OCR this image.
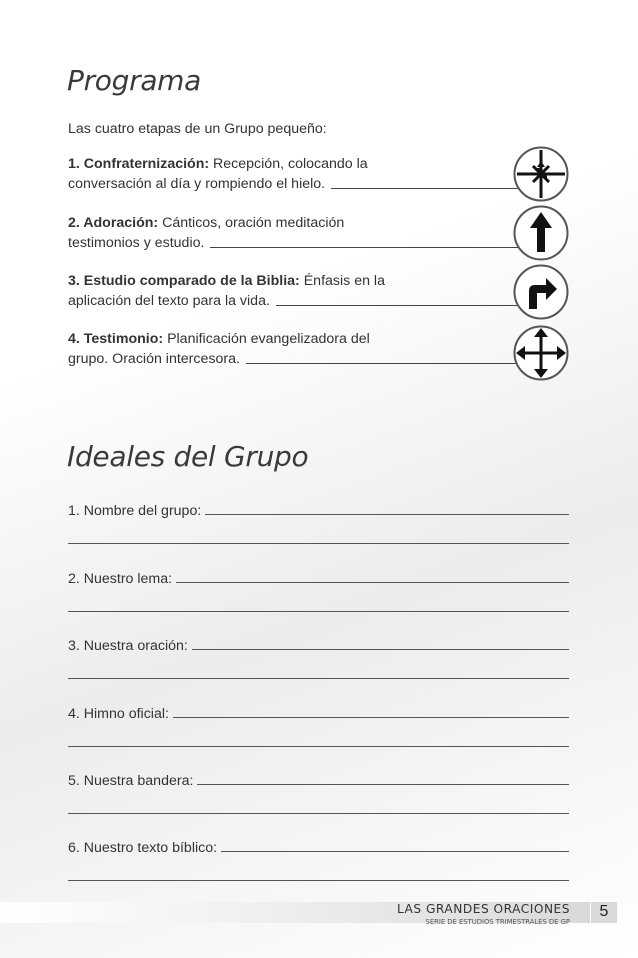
Programa
Las cuatro etapas de un Grupo pequeño:
1. Confraternización: Recepción, colocando la
conversación al día y rompiendo el hielo.
2. Adoración: Cánticos, oración meditación
testimonios y estudio.
3. Estudio comparado de la Biblia: Énfasis en la
aplicación del texto para la vida.
4. Testimonio: Planificación evangelizadora del
grupo. Oración intercesora.
Ideales del Grupo
1. Nombre del grupo:
2. Nuestro lema:
3. Nuestra oración:
4. Himno oficial:
5. Nuestra bandera:
6. Nuestro texto bíblico:
LAS GRANDES ORACIONES
SERIE DE ESTUDIOS TRIMESTRALES DE GP
5
